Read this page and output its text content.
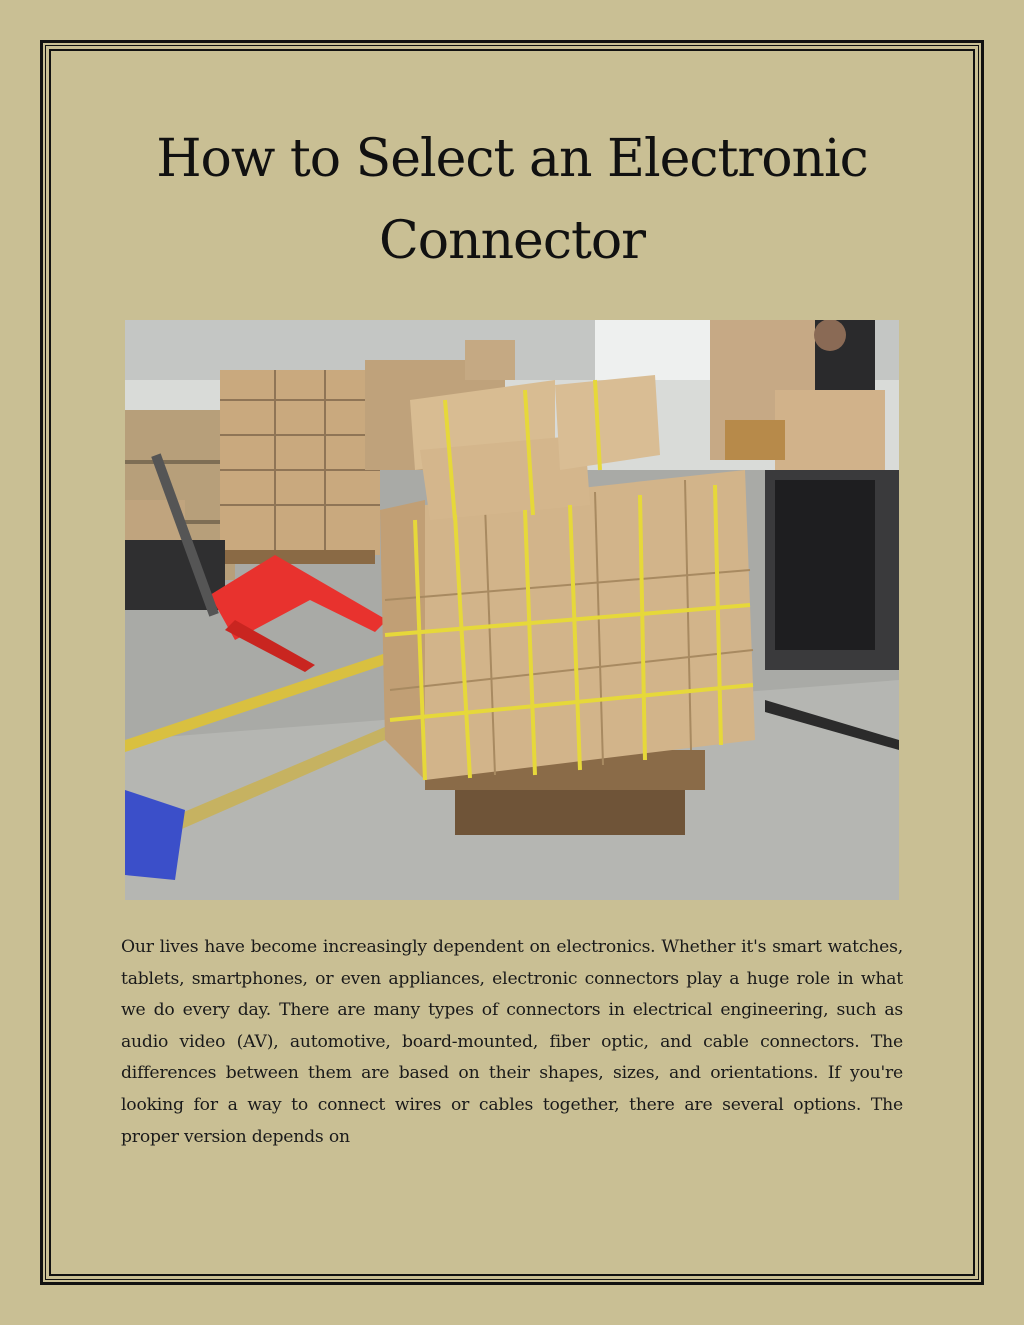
How to Select an Electronic Connector

Our lives have become increasingly dependent on electronics. Whether it's smart watches, tablets, smartphones, or even appliances, electronic connectors play a huge role in what we do every day. There are many types of connectors in electrical engineering, such as audio video (AV), automotive, board-mounted, fiber optic, and cable connectors. The differences between them are based on their shapes, sizes, and orientations. If you're looking for a way to connect wires or cables together, there are several options. The proper version depends on
